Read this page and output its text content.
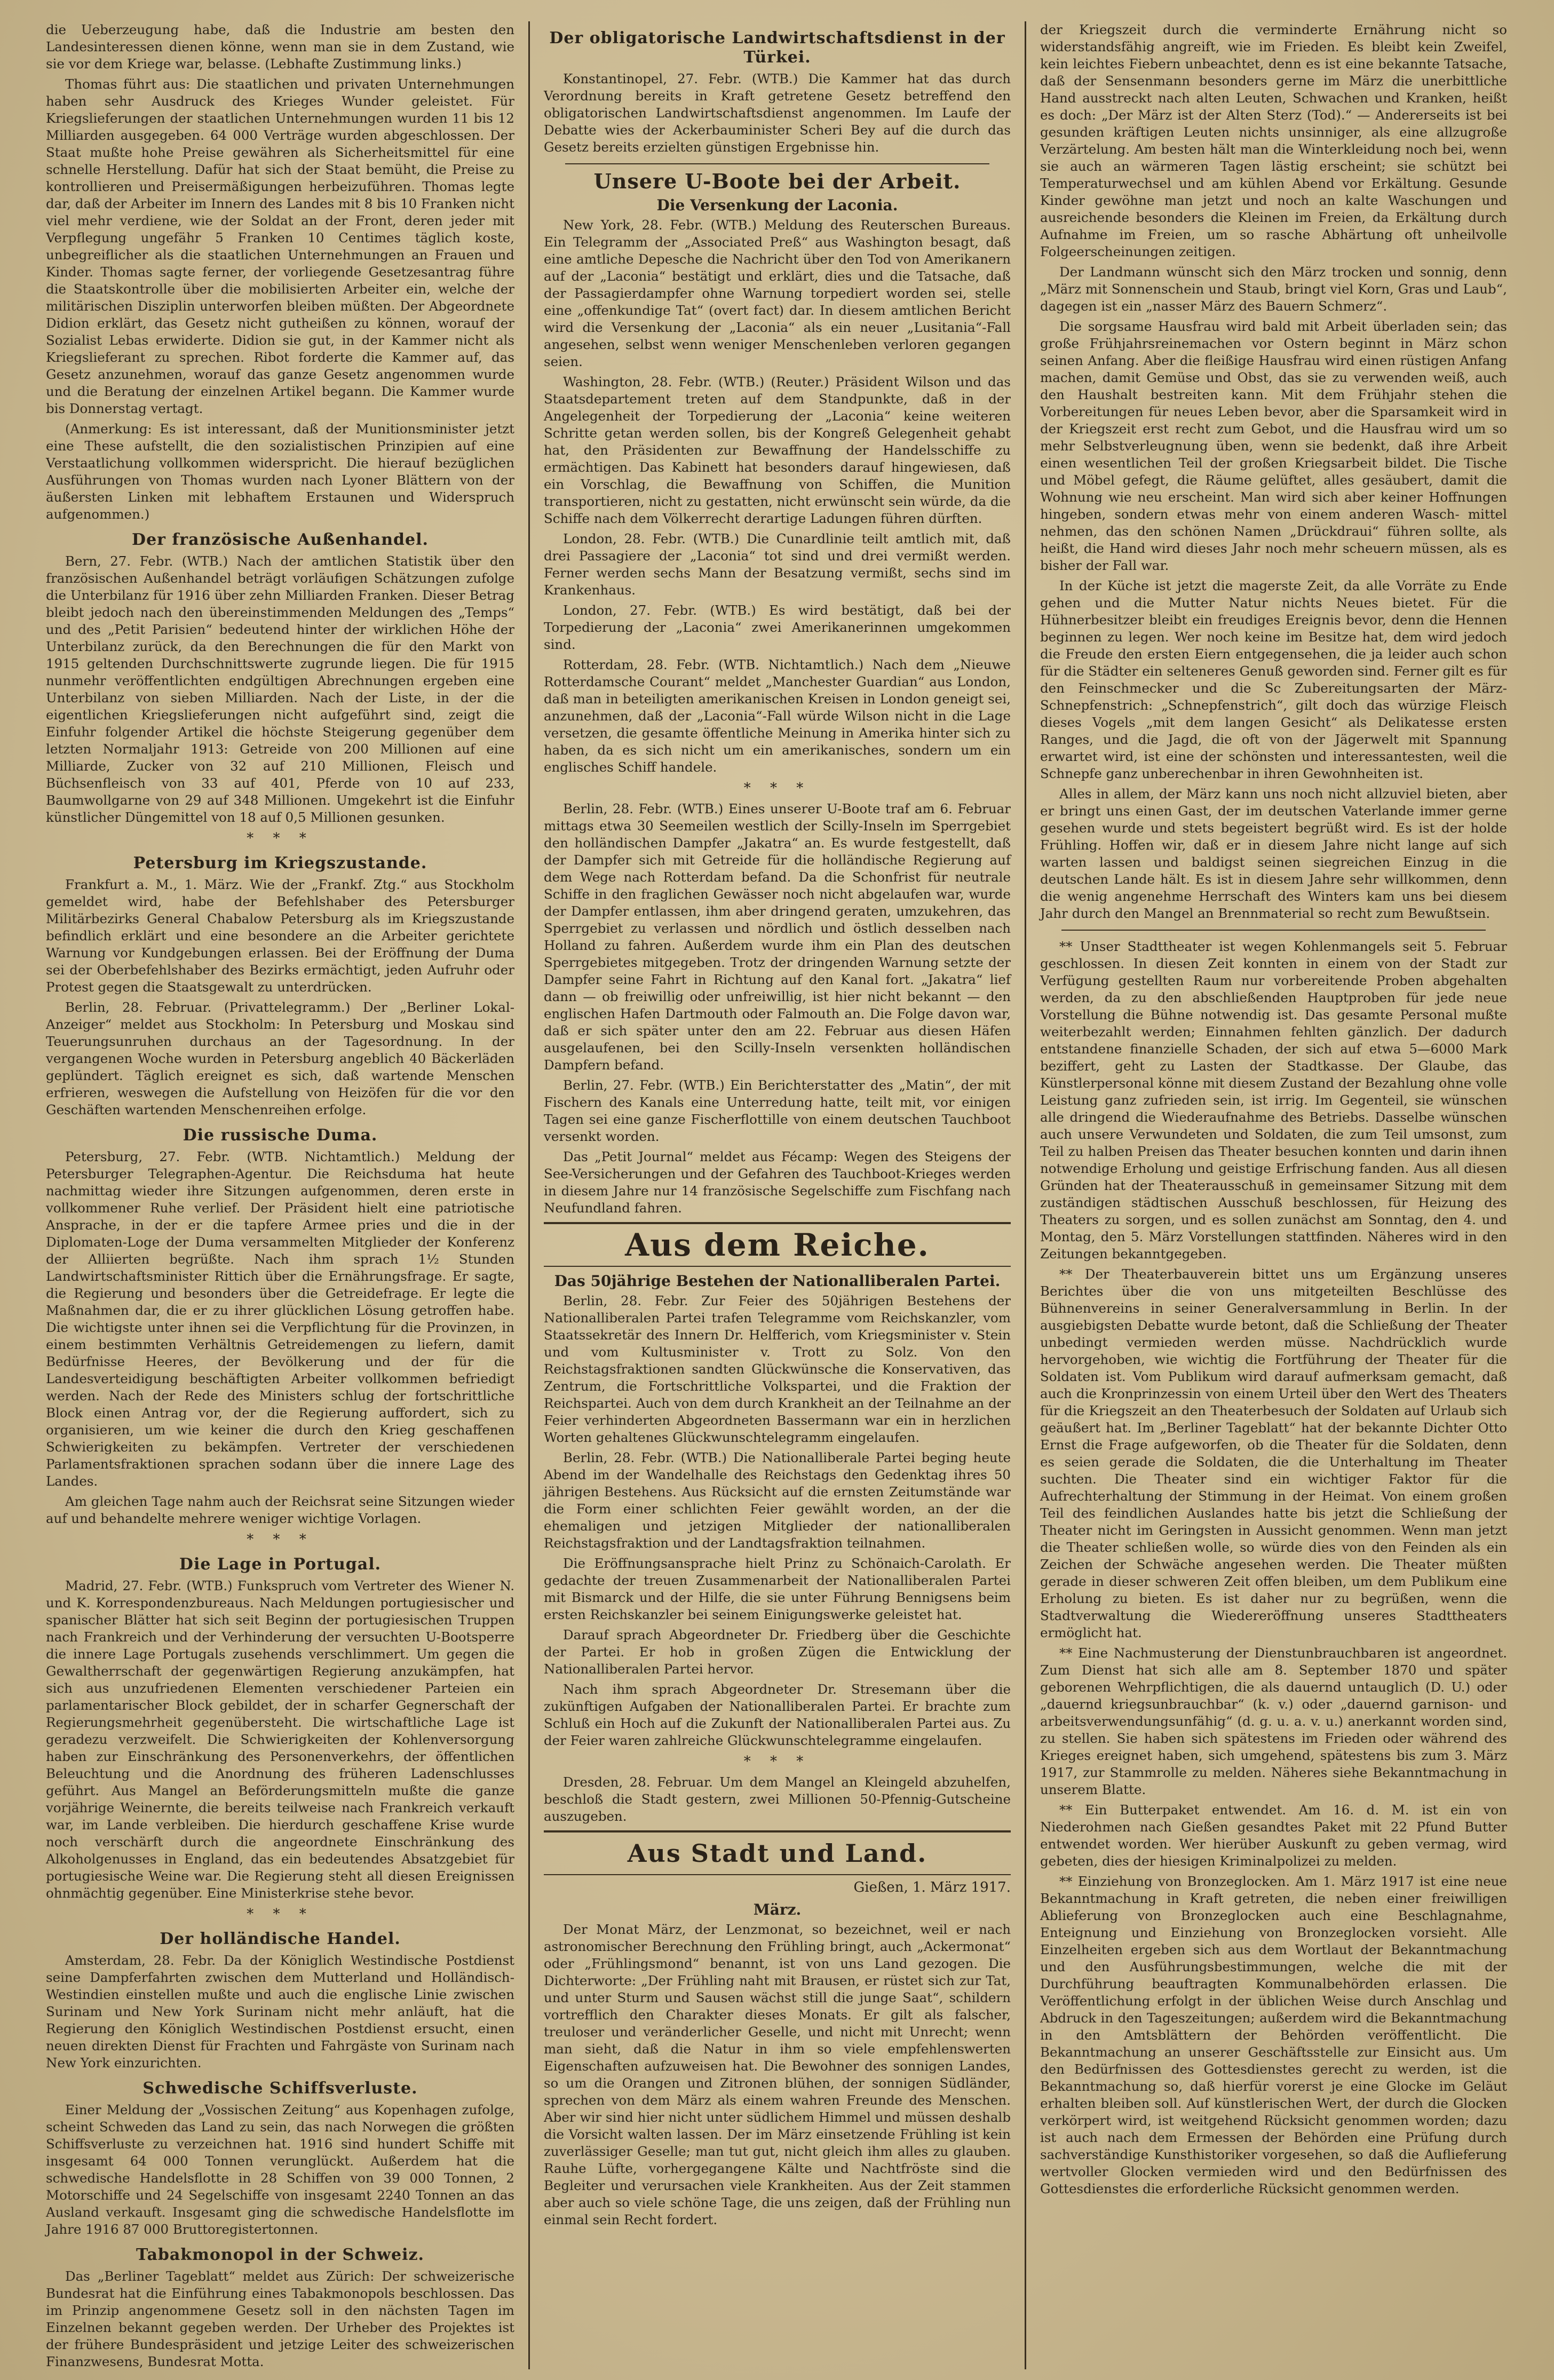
die Ueberzeugung habe, daß die Industrie am besten den Landesinteressen dienen könne, wenn man sie in dem Zustand, wie sie vor dem Kriege war, belasse. (Lebhafte Zustimmung links.)

Thomas führt aus: Die staatlichen und privaten Unternehmungen haben sehr Ausdruck des Krieges Wunder geleistet. Für Kriegslieferungen der staatlichen Unternehmungen wurden 11 bis 12 Milliarden ausgegeben. 64 000 Verträge wurden abgeschlossen. Der Staat mußte hohe Preise gewähren als Sicherheitsmittel für eine schnelle Herstellung. Dafür hat sich der Staat bemüht, die Preise zu kontrollieren und Preisermäßigungen herbeizuführen. Thomas legte dar, daß der Arbeiter im Innern des Landes mit 8 bis 10 Franken nicht viel mehr verdiene, wie der Soldat an der Front, deren jeder mit Verpflegung ungefähr 5 Franken 10 Centimes täglich koste, unbegreiflicher als die staatlichen Unternehmungen an Frauen und Kinder. Thomas sagte ferner, der vorliegende Gesetzesantrag führe die Staatskontrolle über die mobilisierten Arbeiter ein, welche der militärischen Disziplin unterworfen bleiben müßten. Der Abgeordnete Didion erklärt, das Gesetz nicht gutheißen zu können, worauf der Sozialist Lebas erwiderte. Didion sie gut, in der Kammer nicht als Kriegslieferant zu sprechen. Ribot forderte die Kammer auf, das Gesetz anzunehmen, worauf das ganze Gesetz angenommen wurde und die Beratung der einzelnen Artikel begann. Die Kammer wurde bis Donnerstag vertagt.

(Anmerkung: Es ist interessant, daß der Munitionsminister jetzt eine These aufstellt, die den sozialistischen Prinzipien auf eine Verstaatlichung vollkommen widerspricht. Die hierauf bezüglichen Ausführungen von Thomas wurden nach Lyoner Blättern von der äußersten Linken mit lebhaftem Erstaunen und Widerspruch aufgenommen.)

Der französische Außenhandel.

Bern, 27. Febr. (WTB.) Nach der amtlichen Statistik über den französischen Außenhandel beträgt vorläufigen Schätzungen zufolge die Unterbilanz für 1916 über zehn Milliarden Franken. Dieser Betrag bleibt jedoch nach den übereinstimmenden Meldungen des „Temps“ und des „Petit Parisien“ bedeutend hinter der wirklichen Höhe der Unterbilanz zurück, da den Berechnungen die für den Markt von 1915 geltenden Durchschnittswerte zugrunde liegen. Die für 1915 nunmehr veröffentlichten endgültigen Abrechnungen ergeben eine Unterbilanz von sieben Milliarden. Nach der Liste, in der die eigentlichen Kriegslieferungen nicht aufgeführt sind, zeigt die Einfuhr folgender Artikel die höchste Steigerung gegenüber dem letzten Normaljahr 1913: Getreide von 200 Millionen auf eine Milliarde, Zucker von 32 auf 210 Millionen, Fleisch und Büchsenfleisch von 33 auf 401, Pferde von 10 auf 233, Baumwollgarne von 29 auf 348 Millionen. Umgekehrt ist die Einfuhr künstlicher Düngemittel von 18 auf 0,5 Millionen gesunken.

* * *
Petersburg im Kriegszustande.

Frankfurt a. M., 1. März. Wie der „Frankf. Ztg.“ aus Stockholm gemeldet wird, habe der Befehlshaber des Petersburger Militärbezirks General Chabalow Petersburg als im Kriegszustande befindlich erklärt und eine besondere an die Arbeiter gerichtete Warnung vor Kundgebungen erlassen. Bei der Eröffnung der Duma sei der Oberbefehlshaber des Bezirks ermächtigt, jeden Aufruhr oder Protest gegen die Staatsgewalt zu unterdrücken.

Berlin, 28. Februar. (Privattelegramm.) Der „Berliner Lokal-Anzeiger“ meldet aus Stockholm: In Petersburg und Moskau sind Teuerungsunruhen durchaus an der Tagesordnung. In der vergangenen Woche wurden in Petersburg angeblich 40 Bäckerläden geplündert. Täglich ereignet es sich, daß wartende Menschen erfrieren, weswegen die Aufstellung von Heizöfen für die vor den Geschäften wartenden Menschenreihen erfolge.

Die russische Duma.

Petersburg, 27. Febr. (WTB. Nichtamtlich.) Meldung der Petersburger Telegraphen-Agentur. Die Reichsduma hat heute nachmittag wieder ihre Sitzungen aufgenommen, deren erste in vollkommener Ruhe verlief. Der Präsident hielt eine patriotische Ansprache, in der er die tapfere Armee pries und die in der Diplomaten-Loge der Duma versammelten Mitglieder der Konferenz der Alliierten begrüßte. Nach ihm sprach 1½ Stunden Landwirtschaftsminister Rittich über die Ernährungsfrage. Er sagte, die Regierung und besonders über die Getreidefrage. Er legte die Maßnahmen dar, die er zu ihrer glücklichen Lösung getroffen habe. Die wichtigste unter ihnen sei die Verpflichtung für die Provinzen, in einem bestimmten Verhältnis Getreidemengen zu liefern, damit Bedürfnisse Heeres, der Bevölkerung und der für die Landesverteidigung beschäftigten Arbeiter vollkommen befriedigt werden. Nach der Rede des Ministers schlug der fortschrittliche Block einen Antrag vor, der die Regierung auffordert, sich zu organisieren, um wie keiner die durch den Krieg geschaffenen Schwierigkeiten zu bekämpfen. Vertreter der verschiedenen Parlamentsfraktionen sprachen sodann über die innere Lage des Landes.

Am gleichen Tage nahm auch der Reichsrat seine Sitzungen wieder auf und behandelte mehrere weniger wichtige Vorlagen.

* * *
Die Lage in Portugal.

Madrid, 27. Febr. (WTB.) Funkspruch vom Vertreter des Wiener N. und K. Korrespondenzbureaus. Nach Meldungen portugiesischer und spanischer Blätter hat sich seit Beginn der portugiesischen Truppen nach Frankreich und der Verhinderung der versuchten U-Bootsperre die innere Lage Portugals zusehends verschlimmert. Um gegen die Gewaltherrschaft der gegenwärtigen Regierung anzukämpfen, hat sich aus unzufriedenen Elementen verschiedener Parteien ein parlamentarischer Block gebildet, der in scharfer Gegnerschaft der Regierungsmehrheit gegenübersteht. Die wirtschaftliche Lage ist geradezu verzweifelt. Die Schwierigkeiten der Kohlenversorgung haben zur Einschränkung des Personenverkehrs, der öffentlichen Beleuchtung und die Anordnung des früheren Ladenschlusses geführt. Aus Mangel an Beförderungsmitteln mußte die ganze vorjährige Weinernte, die bereits teilweise nach Frankreich verkauft war, im Lande verbleiben. Die hierdurch geschaffene Krise wurde noch verschärft durch die angeordnete Einschränkung des Alkoholgenusses in England, das ein bedeutendes Absatzgebiet für portugiesische Weine war. Die Regierung steht all diesen Ereignissen ohnmächtig gegenüber. Eine Ministerkrise stehe bevor.

* * *
Der holländische Handel.

Amsterdam, 28. Febr. Da der Königlich Westindische Postdienst seine Dampferfahrten zwischen dem Mutterland und Holländisch-Westindien einstellen mußte und auch die englische Linie zwischen Surinam und New York Surinam nicht mehr anläuft, hat die Regierung den Königlich Westindischen Postdienst ersucht, einen neuen direkten Dienst für Frachten und Fahrgäste von Surinam nach New York einzurichten.

Schwedische Schiffsverluste.

Einer Meldung der „Vossischen Zeitung“ aus Kopenhagen zufolge, scheint Schweden das Land zu sein, das nach Norwegen die größten Schiffsverluste zu verzeichnen hat. 1916 sind hundert Schiffe mit insgesamt 64 000 Tonnen verunglückt. Außerdem hat die schwedische Handelsflotte in 28 Schiffen von 39 000 Tonnen, 2 Motorschiffe und 24 Segelschiffe von insgesamt 2240 Tonnen an das Ausland verkauft. Insgesamt ging die schwedische Handelsflotte im Jahre 1916 87 000 Bruttoregistertonnen.

Tabakmonopol in der Schweiz.

Das „Berliner Tageblatt“ meldet aus Zürich: Der schweizerische Bundesrat hat die Einführung eines Tabakmonopols beschlossen. Das im Prinzip angenommene Gesetz soll in den nächsten Tagen im Einzelnen bekannt gegeben werden. Der Urheber des Projektes ist der frühere Bundespräsident und jetzige Leiter des schweizerischen Finanzwesens, Bundesrat Motta.

Der obligatorische Landwirtschaftsdienst in der Türkei.

Konstantinopel, 27. Febr. (WTB.) Die Kammer hat das durch Verordnung bereits in Kraft getretene Gesetz betreffend den obligatorischen Landwirtschaftsdienst angenommen. Im Laufe der Debatte wies der Ackerbauminister Scheri Bey auf die durch das Gesetz bereits erzielten günstigen Ergebnisse hin.

Unsere U-Boote bei der Arbeit.
Die Versenkung der Laconia.

New York, 28. Febr. (WTB.) Meldung des Reuterschen Bureaus. Ein Telegramm der „Associated Preß“ aus Washington besagt, daß eine amtliche Depesche die Nachricht über den Tod von Amerikanern auf der „Laconia“ bestätigt und erklärt, dies und die Tatsache, daß der Passagierdampfer ohne Warnung torpediert worden sei, stelle eine „offenkundige Tat“ (overt fact) dar. In diesem amtlichen Bericht wird die Versenkung der „Laconia“ als ein neuer „Lusitania“-Fall angesehen, selbst wenn weniger Menschenleben verloren gegangen seien.

Washington, 28. Febr. (WTB.) (Reuter.) Präsident Wilson und das Staatsdepartement treten auf dem Standpunkte, daß in der Angelegenheit der Torpedierung der „Laconia“ keine weiteren Schritte getan werden sollen, bis der Kongreß Gelegenheit gehabt hat, den Präsidenten zur Bewaffnung der Handelsschiffe zu ermächtigen. Das Kabinett hat besonders darauf hingewiesen, daß ein Vorschlag, die Bewaffnung von Schiffen, die Munition transportieren, nicht zu gestatten, nicht erwünscht sein würde, da die Schiffe nach dem Völkerrecht derartige Ladungen führen dürften.

London, 28. Febr. (WTB.) Die Cunardlinie teilt amtlich mit, daß drei Passagiere der „Laconia“ tot sind und drei vermißt werden. Ferner werden sechs Mann der Besatzung vermißt, sechs sind im Krankenhaus.

London, 27. Febr. (WTB.) Es wird bestätigt, daß bei der Torpedierung der „Laconia“ zwei Amerikanerinnen umgekommen sind.

Rotterdam, 28. Febr. (WTB. Nichtamtlich.) Nach dem „Nieuwe Rotterdamsche Courant“ meldet „Manchester Guardian“ aus London, daß man in beteiligten amerikanischen Kreisen in London geneigt sei, anzunehmen, daß der „Laconia“-Fall würde Wilson nicht in die Lage versetzen, die gesamte öffentliche Meinung in Amerika hinter sich zu haben, da es sich nicht um ein amerikanisches, sondern um ein englisches Schiff handele.

* * *

Berlin, 28. Febr. (WTB.) Eines unserer U-Boote traf am 6. Februar mittags etwa 30 Seemeilen westlich der Scilly-Inseln im Sperrgebiet den holländischen Dampfer „Jakatra“ an. Es wurde festgestellt, daß der Dampfer sich mit Getreide für die holländische Regierung auf dem Wege nach Rotterdam befand. Da die Schonfrist für neutrale Schiffe in den fraglichen Gewässer noch nicht abgelaufen war, wurde der Dampfer entlassen, ihm aber dringend geraten, umzukehren, das Sperrgebiet zu verlassen und nördlich und östlich desselben nach Holland zu fahren. Außerdem wurde ihm ein Plan des deutschen Sperrgebietes mitgegeben. Trotz der dringenden Warnung setzte der Dampfer seine Fahrt in Richtung auf den Kanal fort. „Jakatra“ lief dann — ob freiwillig oder unfreiwillig, ist hier nicht bekannt — den englischen Hafen Dartmouth oder Falmouth an. Die Folge davon war, daß er sich später unter den am 22. Februar aus diesen Häfen ausgelaufenen, bei den Scilly-Inseln versenkten holländischen Dampfern befand.

Berlin, 27. Febr. (WTB.) Ein Berichterstatter des „Matin“, der mit Fischern des Kanals eine Unterredung hatte, teilt mit, vor einigen Tagen sei eine ganze Fischerflottille von einem deutschen Tauchboot versenkt worden.

Das „Petit Journal“ meldet aus Fécamp: Wegen des Steigens der See-Versicherungen und der Gefahren des Tauchboot-Krieges werden in diesem Jahre nur 14 französische Segelschiffe zum Fischfang nach Neufundland fahren.

Aus dem Reiche.
Das 50jährige Bestehen der Nationalliberalen Partei.

Berlin, 28. Febr. Zur Feier des 50jährigen Bestehens der Nationalliberalen Partei trafen Telegramme vom Reichskanzler, vom Staatssekretär des Innern Dr. Helfferich, vom Kriegsminister v. Stein und vom Kultusminister v. Trott zu Solz. Von den Reichstagsfraktionen sandten Glückwünsche die Konservativen, das Zentrum, die Fortschrittliche Volkspartei, und die Fraktion der Reichspartei. Auch von dem durch Krankheit an der Teilnahme an der Feier verhinderten Abgeordneten Bassermann war ein in herzlichen Worten gehaltenes Glückwunschtelegramm eingelaufen.

Berlin, 28. Febr. (WTB.) Die Nationalliberale Partei beging heute Abend im der Wandelhalle des Reichstags den Gedenktag ihres 50 jährigen Bestehens. Aus Rücksicht auf die ernsten Zeitumstände war die Form einer schlichten Feier gewählt worden, an der die ehemaligen und jetzigen Mitglieder der nationalliberalen Reichstagsfraktion und der Landtagsfraktion teilnahmen.

Die Eröffnungsansprache hielt Prinz zu Schönaich-Carolath. Er gedachte der treuen Zusammenarbeit der Nationalliberalen Partei mit Bismarck und der Hilfe, die sie unter Führung Bennigsens beim ersten Reichskanzler bei seinem Einigungswerke geleistet hat.

Darauf sprach Abgeordneter Dr. Friedberg über die Geschichte der Partei. Er hob in großen Zügen die Entwicklung der Nationalliberalen Partei hervor.

Nach ihm sprach Abgeordneter Dr. Stresemann über die zukünftigen Aufgaben der Nationalliberalen Partei. Er brachte zum Schluß ein Hoch auf die Zukunft der Nationalliberalen Partei aus. Zu der Feier waren zahlreiche Glückwunschtelegramme eingelaufen.

* * *

Dresden, 28. Februar. Um dem Mangel an Kleingeld abzuhelfen, beschloß die Stadt gestern, zwei Millionen 50-Pfennig-Gutscheine auszugeben.

Aus Stadt und Land.
Gießen, 1. März 1917.
März.

Der Monat März, der Lenzmonat, so bezeichnet, weil er nach astronomischer Berechnung den Frühling bringt, auch „Ackermonat“ oder „Frühlingsmond“ benannt, ist von uns Land gezogen. Die Dichterworte: „Der Frühling naht mit Brausen, er rüstet sich zur Tat, und unter Sturm und Sausen wächst still die junge Saat“, schildern vortrefflich den Charakter dieses Monats. Er gilt als falscher, treuloser und veränderlicher Geselle, und nicht mit Unrecht; wenn man sieht, daß die Natur in ihm so viele empfehlenswerten Eigenschaften aufzuweisen hat. Die Bewohner des sonnigen Landes, so um die Orangen und Zitronen blühen, der sonnigen Südländer, sprechen von dem März als einem wahren Freunde des Menschen. Aber wir sind hier nicht unter südlichem Himmel und müssen deshalb die Vorsicht walten lassen. Der im März einsetzende Frühling ist kein zuverlässiger Geselle; man tut gut, nicht gleich ihm alles zu glauben. Rauhe Lüfte, vorhergegangene Kälte und Nachtfröste sind die Begleiter und verursachen viele Krankheiten. Aus der Zeit stammen aber auch so viele schöne Tage, die uns zeigen, daß der Frühling nun einmal sein Recht fordert.

der Kriegszeit durch die verminderte Ernährung nicht so widerstandsfähig angreift, wie im Frieden. Es bleibt kein Zweifel, kein leichtes Fiebern unbeachtet, denn es ist eine bekannte Tatsache, daß der Sensenmann besonders gerne im März die unerbittliche Hand ausstreckt nach alten Leuten, Schwachen und Kranken, heißt es doch: „Der März ist der Alten Sterz (Tod).“ — Andererseits ist bei gesunden kräftigen Leuten nichts unsinniger, als eine allzugroße Verzärtelung. Am besten hält man die Winterkleidung noch bei, wenn sie auch an wärmeren Tagen lästig erscheint; sie schützt bei Temperaturwechsel und am kühlen Abend vor Erkältung. Gesunde Kinder gewöhne man jetzt und noch an kalte Waschungen und ausreichende besonders die Kleinen im Freien, da Erkältung durch Aufnahme im Freien, um so rasche Abhärtung oft unheilvolle Folgeerscheinungen zeitigen.

Der Landmann wünscht sich den März trocken und sonnig, denn „März mit Sonnenschein und Staub, bringt viel Korn, Gras und Laub“, dagegen ist ein „nasser März des Bauern Schmerz“.

Die sorgsame Hausfrau wird bald mit Arbeit überladen sein; das große Frühjahrsreinemachen vor Ostern beginnt in März schon seinen Anfang. Aber die fleißige Hausfrau wird einen rüstigen Anfang machen, damit Gemüse und Obst, das sie zu verwenden weiß, auch den Haushalt bestreiten kann. Mit dem Frühjahr stehen die Vorbereitungen für neues Leben bevor, aber die Sparsamkeit wird in der Kriegszeit erst recht zum Gebot, und die Hausfrau wird um so mehr Selbstverleugnung üben, wenn sie bedenkt, daß ihre Arbeit einen wesentlichen Teil der großen Kriegsarbeit bildet. Die Tische und Möbel gefegt, die Räume gelüftet, alles gesäubert, damit die Wohnung wie neu erscheint. Man wird sich aber keiner Hoffnungen hingeben, sondern etwas mehr von einem anderen Wasch- mittel nehmen, das den schönen Namen „Drückdraui“ führen sollte, als heißt, die Hand wird dieses Jahr noch mehr scheuern müssen, als es bisher der Fall war.

In der Küche ist jetzt die magerste Zeit, da alle Vorräte zu Ende gehen und die Mutter Natur nichts Neues bietet. Für die Hühnerbesitzer bleibt ein freudiges Ereignis bevor, denn die Hennen beginnen zu legen. Wer noch keine im Besitze hat, dem wird jedoch die Freude den ersten Eiern entgegensehen, die ja leider auch schon für die Städter ein selteneres Genuß geworden sind. Ferner gilt es für den Feinschmecker und die Sc Zubereitungsarten der März-Schnepfenstrich: „Schnepfenstrich“, gilt doch das würzige Fleisch dieses Vogels „mit dem langen Gesicht“ als Delikatesse ersten Ranges, und die Jagd, die oft von der Jägerwelt mit Spannung erwartet wird, ist eine der schönsten und interessantesten, weil die Schnepfe ganz unberechenbar in ihren Gewohnheiten ist.

Alles in allem, der März kann uns noch nicht allzuviel bieten, aber er bringt uns einen Gast, der im deutschen Vaterlande immer gerne gesehen wurde und stets begeistert begrüßt wird. Es ist der holde Frühling. Hoffen wir, daß er in diesem Jahre nicht lange auf sich warten lassen und baldigst seinen siegreichen Einzug in die deutschen Lande hält. Es ist in diesem Jahre sehr willkommen, denn die wenig angenehme Herrschaft des Winters kam uns bei diesem Jahr durch den Mangel an Brennmaterial so recht zum Bewußtsein.

** Unser Stadttheater ist wegen Kohlenmangels seit 5. Februar geschlossen. In diesen Zeit konnten in einem von der Stadt zur Verfügung gestellten Raum nur vorbereitende Proben abgehalten werden, da zu den abschließenden Hauptproben für jede neue Vorstellung die Bühne notwendig ist. Das gesamte Personal mußte weiterbezahlt werden; Einnahmen fehlten gänzlich. Der dadurch entstandene finanzielle Schaden, der sich auf etwa 5—6000 Mark beziffert, geht zu Lasten der Stadtkasse. Der Glaube, das Künstlerpersonal könne mit diesem Zustand der Bezahlung ohne volle Leistung ganz zufrieden sein, ist irrig. Im Gegenteil, sie wünschen alle dringend die Wiederaufnahme des Betriebs. Dasselbe wünschen auch unsere Verwundeten und Soldaten, die zum Teil umsonst, zum Teil zu halben Preisen das Theater besuchen konnten und darin ihnen notwendige Erholung und geistige Erfrischung fanden. Aus all diesen Gründen hat der Theaterausschuß in gemeinsamer Sitzung mit dem zuständigen städtischen Ausschuß beschlossen, für Heizung des Theaters zu sorgen, und es sollen zunächst am Sonntag, den 4. und Montag, den 5. März Vorstellungen stattfinden. Näheres wird in den Zeitungen bekanntgegeben.

** Der Theaterbauverein bittet uns um Ergänzung unseres Berichtes über die von uns mitgeteilten Beschlüsse des Bühnenvereins in seiner Generalversammlung in Berlin. In der ausgiebigsten Debatte wurde betont, daß die Schließung der Theater unbedingt vermieden werden müsse. Nachdrücklich wurde hervorgehoben, wie wichtig die Fortführung der Theater für die Soldaten ist. Vom Publikum wird darauf aufmerksam gemacht, daß auch die Kronprinzessin von einem Urteil über den Wert des Theaters für die Kriegszeit an den Theaterbesuch der Soldaten auf Urlaub sich geäußert hat. Im „Berliner Tageblatt“ hat der bekannte Dichter Otto Ernst die Frage aufgeworfen, ob die Theater für die Soldaten, denn es seien gerade die Soldaten, die die Unterhaltung im Theater suchten. Die Theater sind ein wichtiger Faktor für die Aufrechterhaltung der Stimmung in der Heimat. Von einem großen Teil des feindlichen Auslandes hatte bis jetzt die Schließung der Theater nicht im Geringsten in Aussicht genommen. Wenn man jetzt die Theater schließen wolle, so würde dies von den Feinden als ein Zeichen der Schwäche angesehen werden. Die Theater müßten gerade in dieser schweren Zeit offen bleiben, um dem Publikum eine Erholung zu bieten. Es ist daher nur zu begrüßen, wenn die Stadtverwaltung die Wiedereröffnung unseres Stadttheaters ermöglicht hat.

** Eine Nachmusterung der Dienstunbrauchbaren ist angeordnet. Zum Dienst hat sich alle am 8. September 1870 und später geborenen Wehrpflichtigen, die als dauernd untauglich (D. U.) oder „dauernd kriegsunbrauchbar“ (k. v.) oder „dauernd garnison- und arbeitsverwendungsunfähig“ (d. g. u. a. v. u.) anerkannt worden sind, zu stellen. Sie haben sich spätestens im Frieden oder während des Krieges ereignet haben, sich umgehend, spätestens bis zum 3. März 1917, zur Stammrolle zu melden. Näheres siehe Bekanntmachung in unserem Blatte.

** Ein Butterpaket entwendet. Am 16. d. M. ist ein von Niederohmen nach Gießen gesandtes Paket mit 22 Pfund Butter entwendet worden. Wer hierüber Auskunft zu geben vermag, wird gebeten, dies der hiesigen Kriminalpolizei zu melden.

** Einziehung von Bronzeglocken. Am 1. März 1917 ist eine neue Bekanntmachung in Kraft getreten, die neben einer freiwilligen Ablieferung von Bronzeglocken auch eine Beschlagnahme, Enteignung und Einziehung von Bronzeglocken vorsieht. Alle Einzelheiten ergeben sich aus dem Wortlaut der Bekanntmachung und den Ausführungsbestimmungen, welche die mit der Durchführung beauftragten Kommunalbehörden erlassen. Die Veröffentlichung erfolgt in der üblichen Weise durch Anschlag und Abdruck in den Tageszeitungen; außerdem wird die Bekanntmachung in den Amtsblättern der Behörden veröffentlicht. Die Bekanntmachung an unserer Geschäftsstelle zur Einsicht aus. Um den Bedürfnissen des Gottesdienstes gerecht zu werden, ist die Bekanntmachung so, daß hierfür vorerst je eine Glocke im Geläut erhalten bleiben soll. Auf künstlerischen Wert, der durch die Glocken verkörpert wird, ist weitgehend Rücksicht genommen worden; dazu ist auch nach dem Ermessen der Behörden eine Prüfung durch sachverständige Kunsthistoriker vorgesehen, so daß die Auflieferung wertvoller Glocken vermieden wird und den Bedürfnissen des Gottesdienstes die erforderliche Rücksicht genommen werden.
